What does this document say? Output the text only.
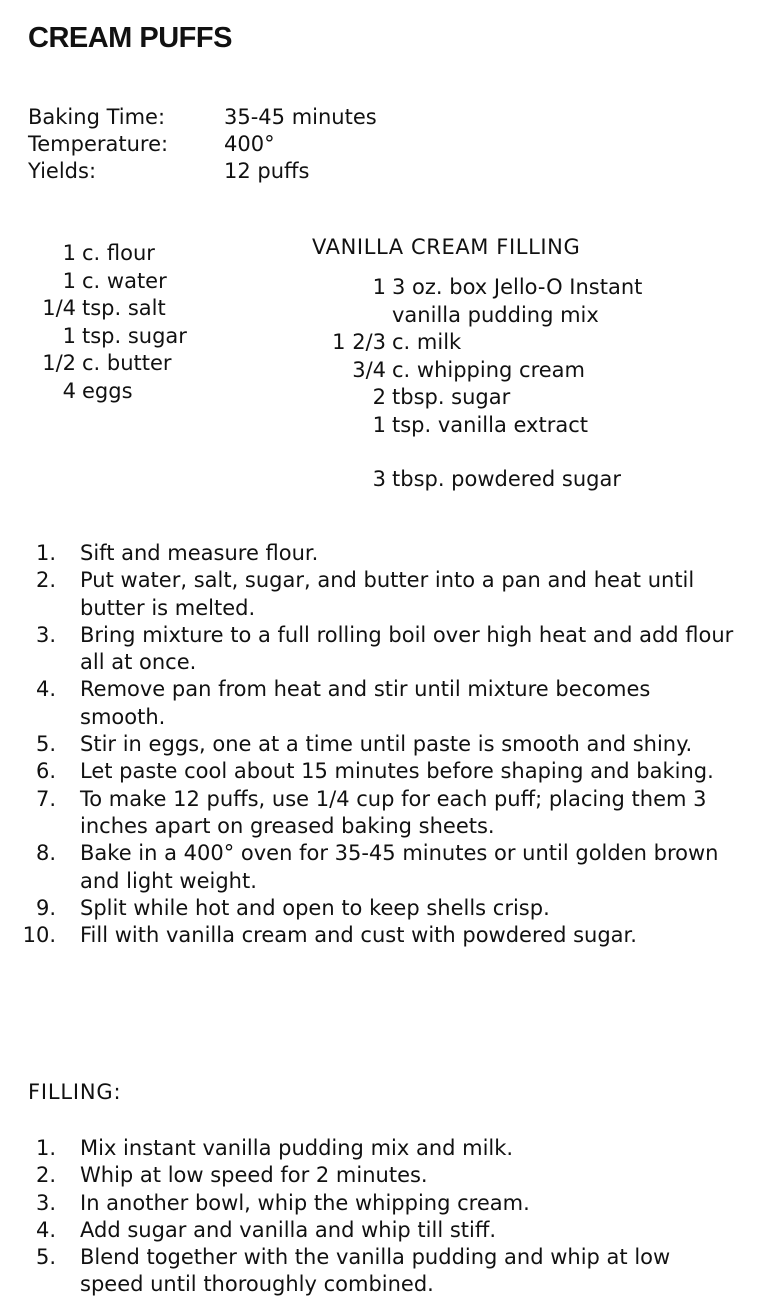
CREAM PUFFS
Baking Time:	35-45 minutes
Temperature:	400°
Yields:	12 puffs
1 c. flour
1 c. water
1/4 tsp. salt
1 tsp. sugar
1/2 c. butter
4 eggs
VANILLA CREAM FILLING
1 3 oz. box Jello-O Instant
vanilla pudding mix
1 2/3 c. milk
3/4 c. whipping cream
2 tbsp. sugar
1 tsp. vanilla extract
3 tbsp. powdered sugar
1. Sift and measure flour.
2. Put water, salt, sugar, and butter into a pan and heat until butter is melted.
3. Bring mixture to a full rolling boil over high heat and add flour all at once.
4. Remove pan from heat and stir until mixture becomes smooth.
5. Stir in eggs, one at a time until paste is smooth and shiny.
6. Let paste cool about 15 minutes before shaping and baking.
7. To make 12 puffs, use 1/4 cup for each puff; placing them 3 inches apart on greased baking sheets.
8. Bake in a 400° oven for 35-45 minutes or until golden brown and light weight.
9. Split while hot and open to keep shells crisp.
10. Fill with vanilla cream and cust with powdered sugar.
FILLING:
1. Mix instant vanilla pudding mix and milk.
2. Whip at low speed for 2 minutes.
3. In another bowl, whip the whipping cream.
4. Add sugar and vanilla and whip till stiff.
5. Blend together with the vanilla pudding and whip at low speed until thoroughly combined.
